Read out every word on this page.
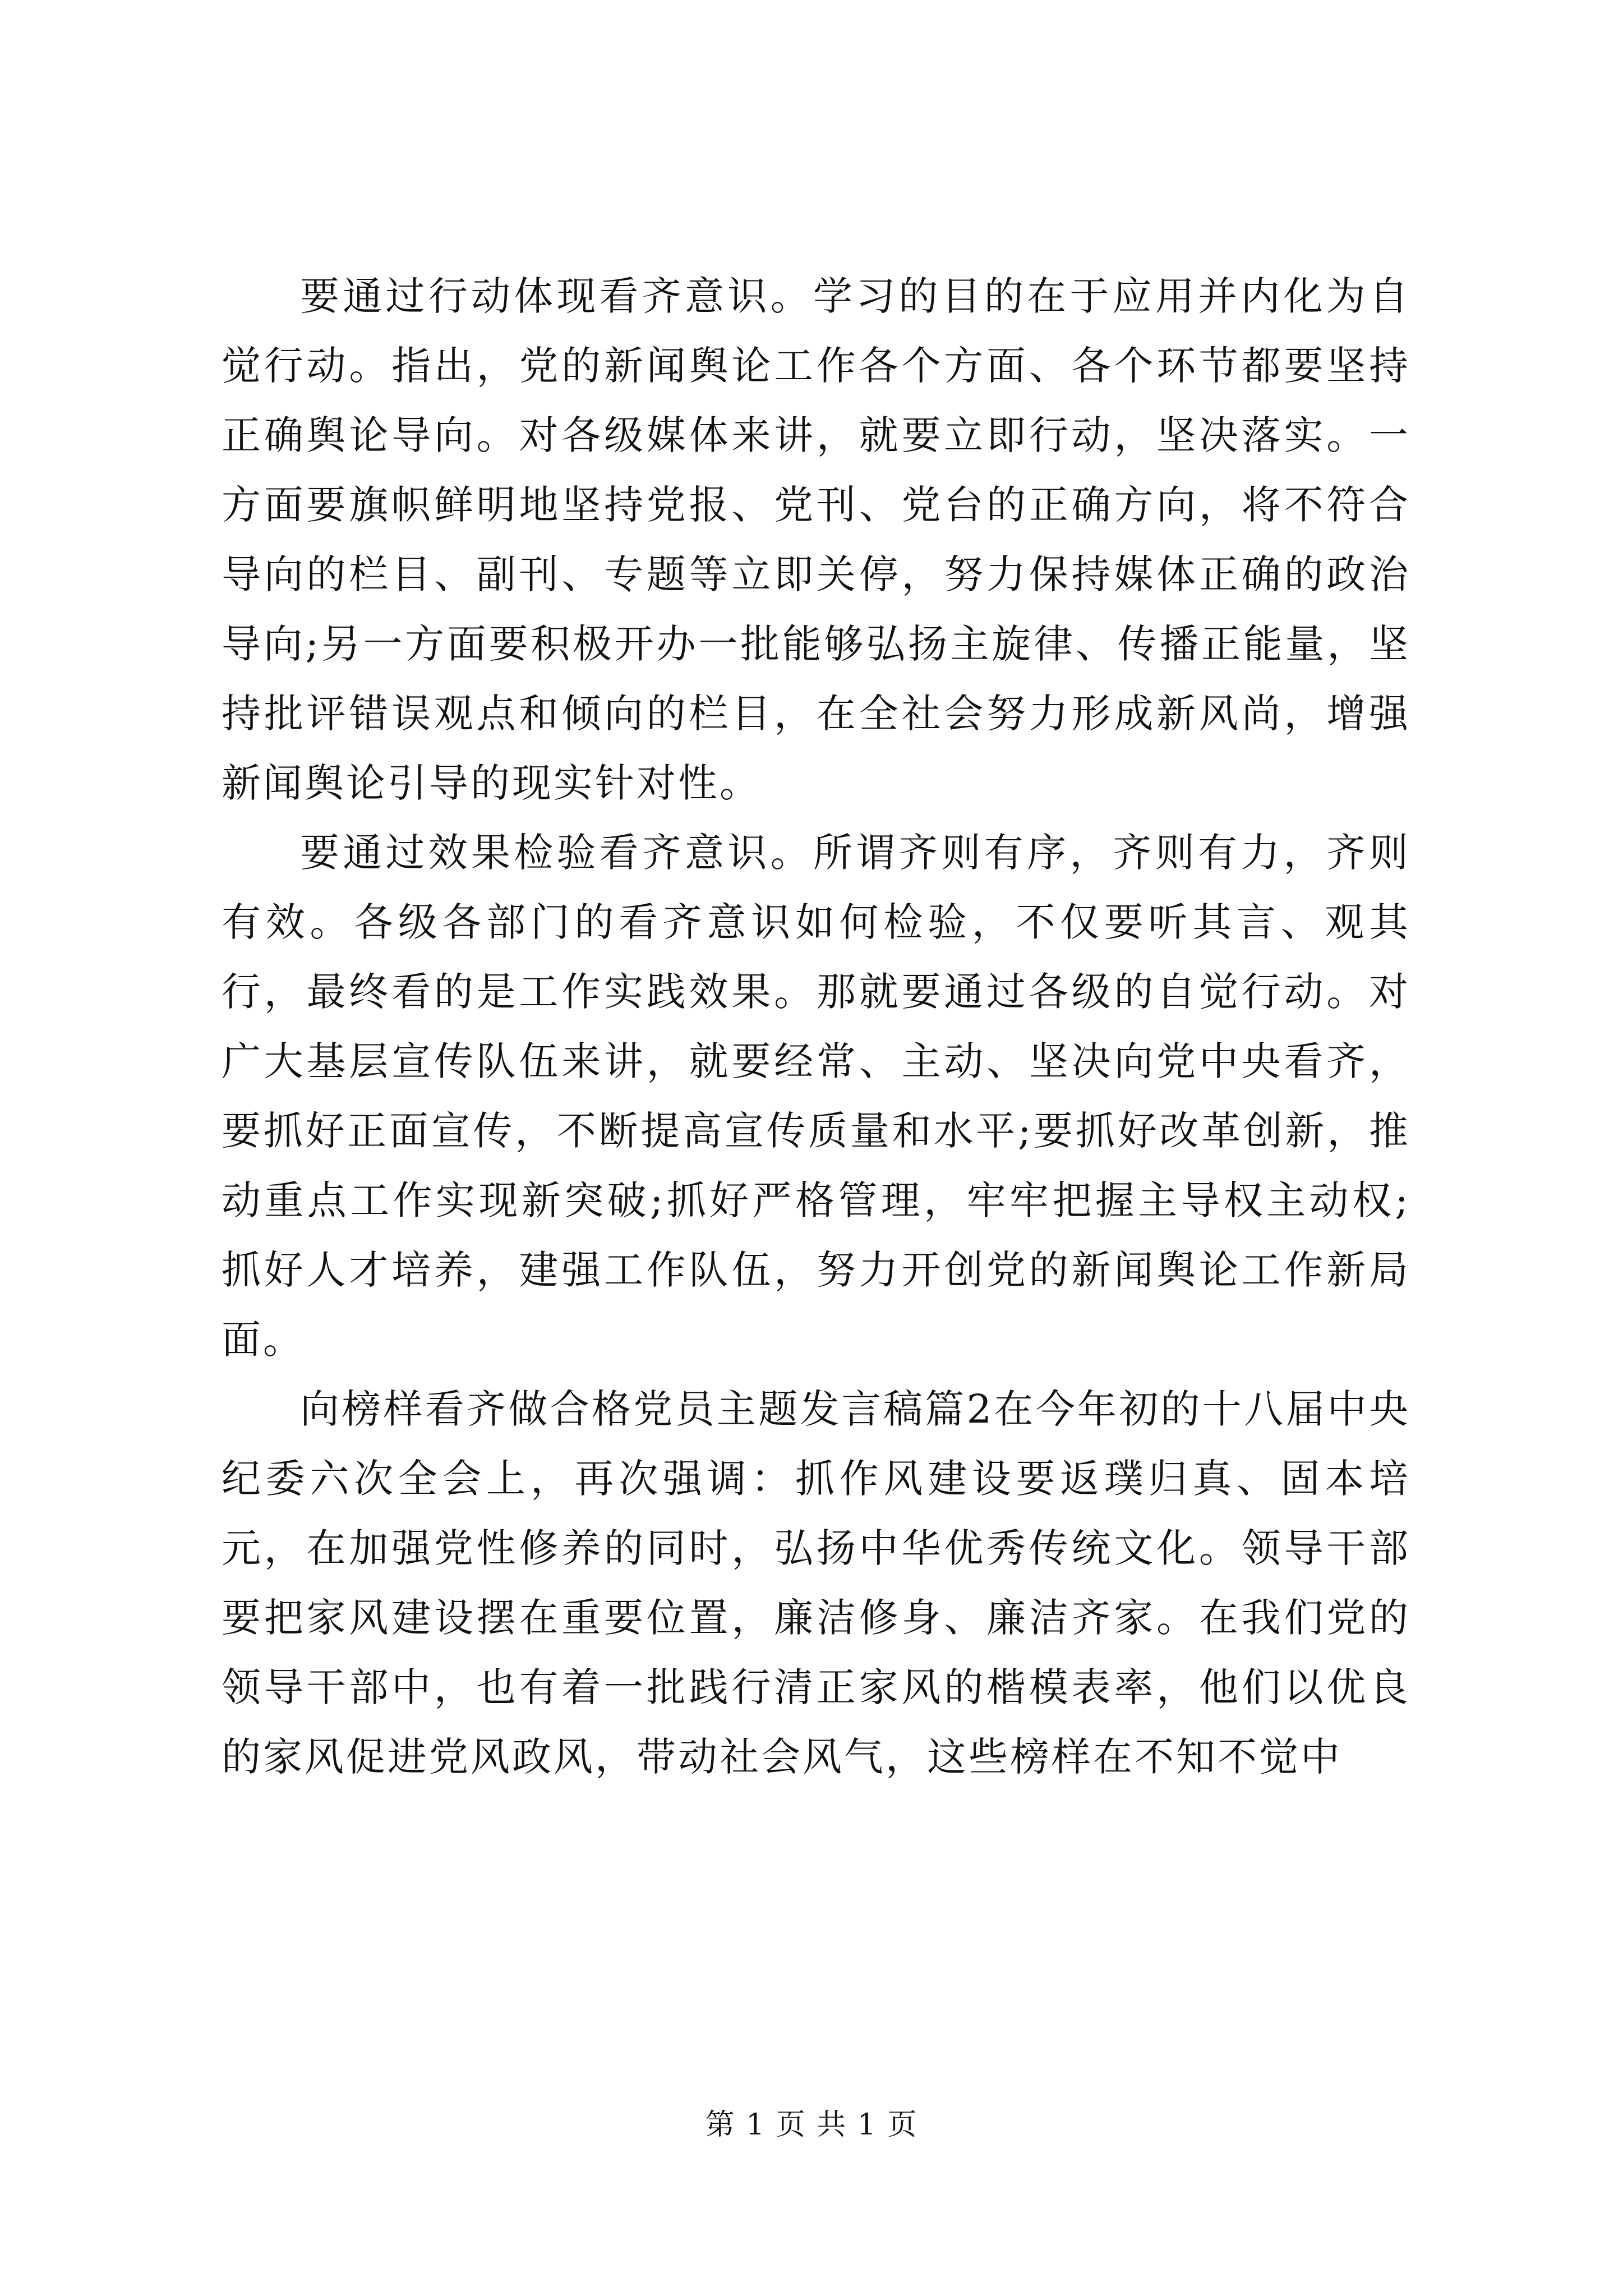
要通过行动体现看齐意识。学习的目的在于应用并内化为自觉行动。指出，党的新闻舆论工作各个方面、各个环节都要坚持正确舆论导向。对各级媒体来讲，就要立即行动，坚决落实。一方面要旗帜鲜明地坚持党报、党刊、党台的正确方向，将不符合导向的栏目、副刊、专题等立即关停，努力保持媒体正确的政治导向;另一方面要积极开办一批能够弘扬主旋律、传播正能量，坚持批评错误观点和倾向的栏目，在全社会努力形成新风尚，增强新闻舆论引导的现实针对性。

要通过效果检验看齐意识。所谓齐则有序，齐则有力，齐则有效。各级各部门的看齐意识如何检验，不仅要听其言、观其行，最终看的是工作实践效果。那就要通过各级的自觉行动。对广大基层宣传队伍来讲，就要经常、主动、坚决向党中央看齐，要抓好正面宣传，不断提高宣传质量和水平;要抓好改革创新，推动重点工作实现新突破;抓好严格管理，牢牢把握主导权主动权;抓好人才培养，建强工作队伍，努力开创党的新闻舆论工作新局面。

向榜样看齐做合格党员主题发言稿篇2在今年初的十八届中央纪委六次全会上，再次强调：抓作风建设要返璞归真、固本培元，在加强党性修养的同时，弘扬中华优秀传统文化。领导干部要把家风建设摆在重要位置，廉洁修身、廉洁齐家。在我们党的领导干部中，也有着一批践行清正家风的楷模表率，他们以优良的家风促进党风政风，带动社会风气，这些榜样在不知不觉中

第 1 页 共 1 页
